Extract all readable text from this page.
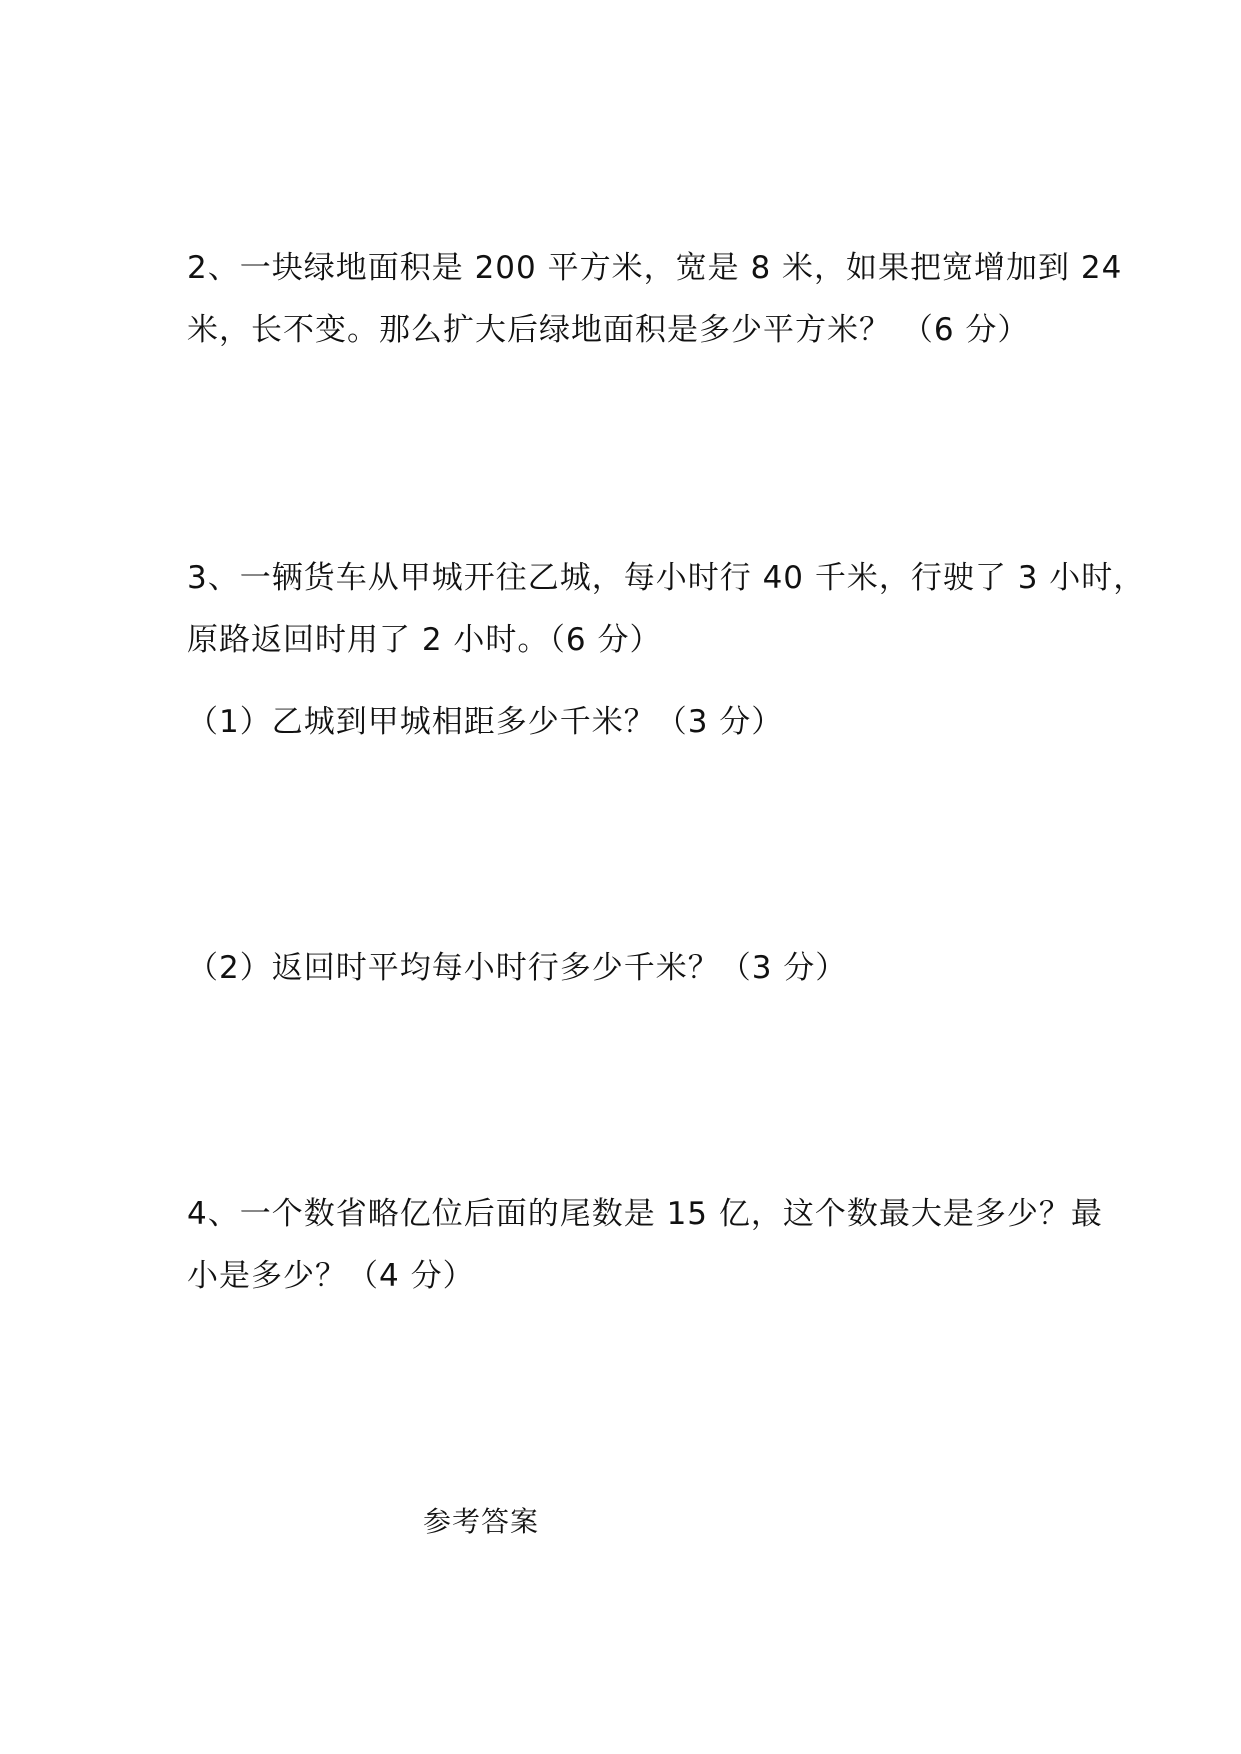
2、一块绿地面积是 200 平方米，宽是 8 米，如果把宽增加到 24
米，长不变。那么扩大后绿地面积是多少平方米？ （6 分）
3、一辆货车从甲城开往乙城，每小时行 40 千米，行驶了 3 小时，
原路返回时用了 2 小时。（6 分）
（1）乙城到甲城相距多少千米？（3 分）
（2）返回时平均每小时行多少千米？（3 分）
4、一个数省略亿位后面的尾数是 15 亿，这个数最大是多少？最
小是多少？（4 分）
参考答案
